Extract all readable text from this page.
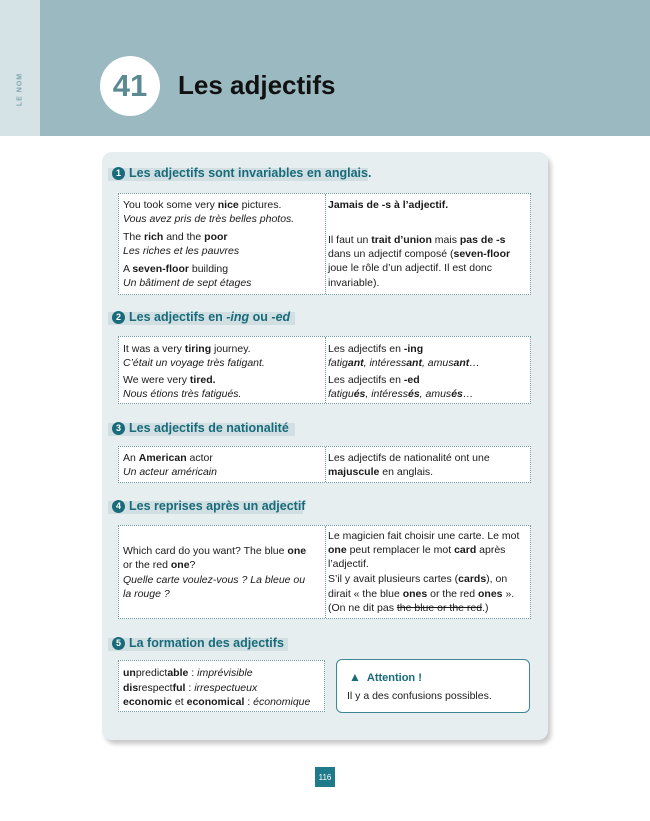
LE NOM	41	Les adjectifs
1 Les adjectifs sont invariables en anglais.
You took some very nice pictures.
Vous avez pris de très belles photos.
The rich and the poor
Les riches et les pauvres
A seven-floor building
Un bâtiment de sept étages
Jamais de -s à l’adjectif.
Il faut un trait d’union mais pas de -s
dans un adjectif composé (seven-floor
joue le rôle d’un adjectif. Il est donc
invariable).
2 Les adjectifs en -ing ou -ed
It was a very tiring journey.
C’était un voyage très fatigant.
We were very tired.
Nous étions très fatigués.
Les adjectifs en -ing
fatigant, intéressant, amusant…
Les adjectifs en -ed
fatigués, intéressés, amusés…
3 Les adjectifs de nationalité
An American actor
Un acteur américain
Les adjectifs de nationalité ont une
majuscule en anglais.
4 Les reprises après un adjectif
Which card do you want? The blue one
or the red one?
Quelle carte voulez-vous ? La bleue ou
la rouge ?
Le magicien fait choisir une carte. Le mot
one peut remplacer le mot card après
l’adjectif.
S’il y avait plusieurs cartes (cards), on
dirait « the blue ones or the red ones ».
(On ne dit pas the blue or the red.)
5 La formation des adjectifs
unpredictable : imprévisible
disrespectful : irrespectueux
economic et economical : économique
▲ Attention !
Il y a des confusions possibles.
116
